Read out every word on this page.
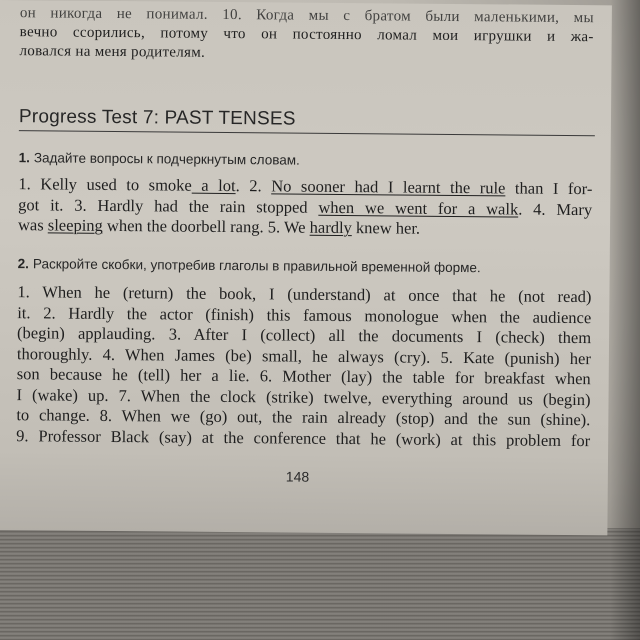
он никогда не понимал. 10. Когда мы с братом были маленькими, мы
вечно ссорились, потому что он постоянно ломал мои игрушки и жа-
ловался на меня родителям.
Progress Test 7: PAST TENSES
1. Задайте вопросы к подчеркнутым словам.
1. Kelly used to smoke a lot. 2. No sooner had I learnt the rule than I for-
got it. 3. Hardly had the rain stopped when we went for a walk. 4. Mary
was sleeping when the doorbell rang. 5. We hardly knew her.
2. Раскройте скобки, употребив глаголы в правильной временной форме.
1. When he (return) the book, I (understand) at once that he (not read)
it. 2. Hardly the actor (finish) this famous monologue when the audience
(begin) applauding. 3. After I (collect) all the documents I (check) them
thoroughly. 4. When James (be) small, he always (cry). 5. Kate (punish) her
son because he (tell) her a lie. 6. Mother (lay) the table for breakfast when
I (wake) up. 7. When the clock (strike) twelve, everything around us (begin)
to change. 8. When we (go) out, the rain already (stop) and the sun (shine).
9. Professor Black (say) at the conference that he (work) at this problem for
148
